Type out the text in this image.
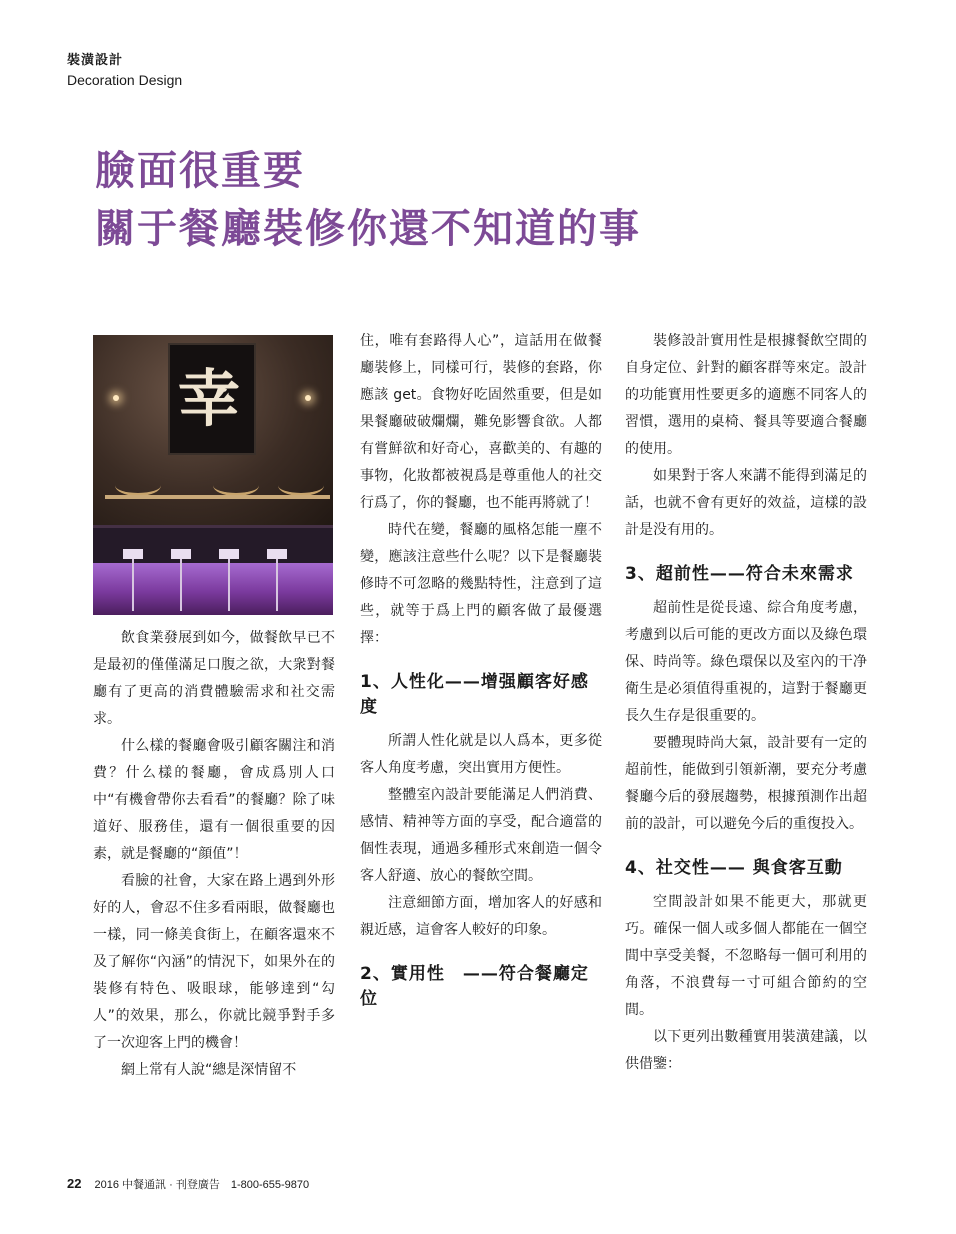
裝潢設計
Decoration Design
臉面很重要
關于餐廳裝修你還不知道的事
幸

飲食業發展到如今，做餐飲早已不是最初的僅僅滿足口腹之欲，大衆對餐廳有了更高的消費體驗需求和社交需求。

什么樣的餐廳會吸引顧客關注和消費？什么樣的餐廳，會成爲別人口中“有機會帶你去看看”的餐廳？除了味道好、服務佳，還有一個很重要的因素，就是餐廳的“顔值”！

看臉的社會，大家在路上遇到外形好的人，會忍不住多看兩眼，做餐廳也一樣，同一條美食街上，在顧客還來不及了解你“內涵”的情況下，如果外在的裝修有特色、吸眼球，能够達到“勾人”的效果，那么，你就比競爭對手多了一次迎客上門的機會！

網上常有人說“總是深情留不

住，唯有套路得人心”，這話用在做餐廳裝修上，同樣可行，裝修的套路，你應該 get。食物好吃固然重要，但是如果餐廳破破爛爛，難免影響食欲。人都有嘗鮮欲和好奇心，喜歡美的、有趣的事物，化妝都被視爲是尊重他人的社交行爲了，你的餐廳，也不能再將就了！

時代在變，餐廳的風格怎能一塵不變，應該注意些什么呢？以下是餐廳裝修時不可忽略的幾點特性，注意到了這些，就等于爲上門的顧客做了最優選擇：

1、人性化——增强顧客好感度

所謂人性化就是以人爲本，更多從客人角度考慮，突出實用方便性。

整體室內設計要能滿足人們消費、感情、精神等方面的享受，配合適當的個性表現，通過多種形式來創造一個令客人舒適、放心的餐飲空間。

注意細節方面，增加客人的好感和親近感，這會客人較好的印象。

2、實用性　——符合餐廳定位

裝修設計實用性是根據餐飲空間的自身定位、針對的顧客群等來定。設計的功能實用性要更多的適應不同客人的習慣，選用的桌椅、餐具等要適合餐廳的使用。

如果對于客人來講不能得到滿足的話，也就不會有更好的效益，這樣的設計是没有用的。

3、超前性——符合未來需求

超前性是從長遠、綜合角度考慮，考慮到以后可能的更改方面以及綠色環保、時尚等。綠色環保以及室內的干净衛生是必須值得重視的，這對于餐廳更長久生存是很重要的。

要體現時尚大氣，設計要有一定的超前性，能做到引領新潮，要充分考慮餐廳今后的發展趨勢，根據預測作出超前的設計，可以避免今后的重復投入。

4、社交性—— 與食客互動

空間設計如果不能更大，那就更巧。確保一個人或多個人都能在一個空間中享受美餐，不忽略每一個可利用的角落，不浪費每一寸可組合節約的空間。

以下更列出數種實用裝潢建議，以供借鑒：

22 2016 中餐通訊 · 刊登廣告　1-800-655-9870
